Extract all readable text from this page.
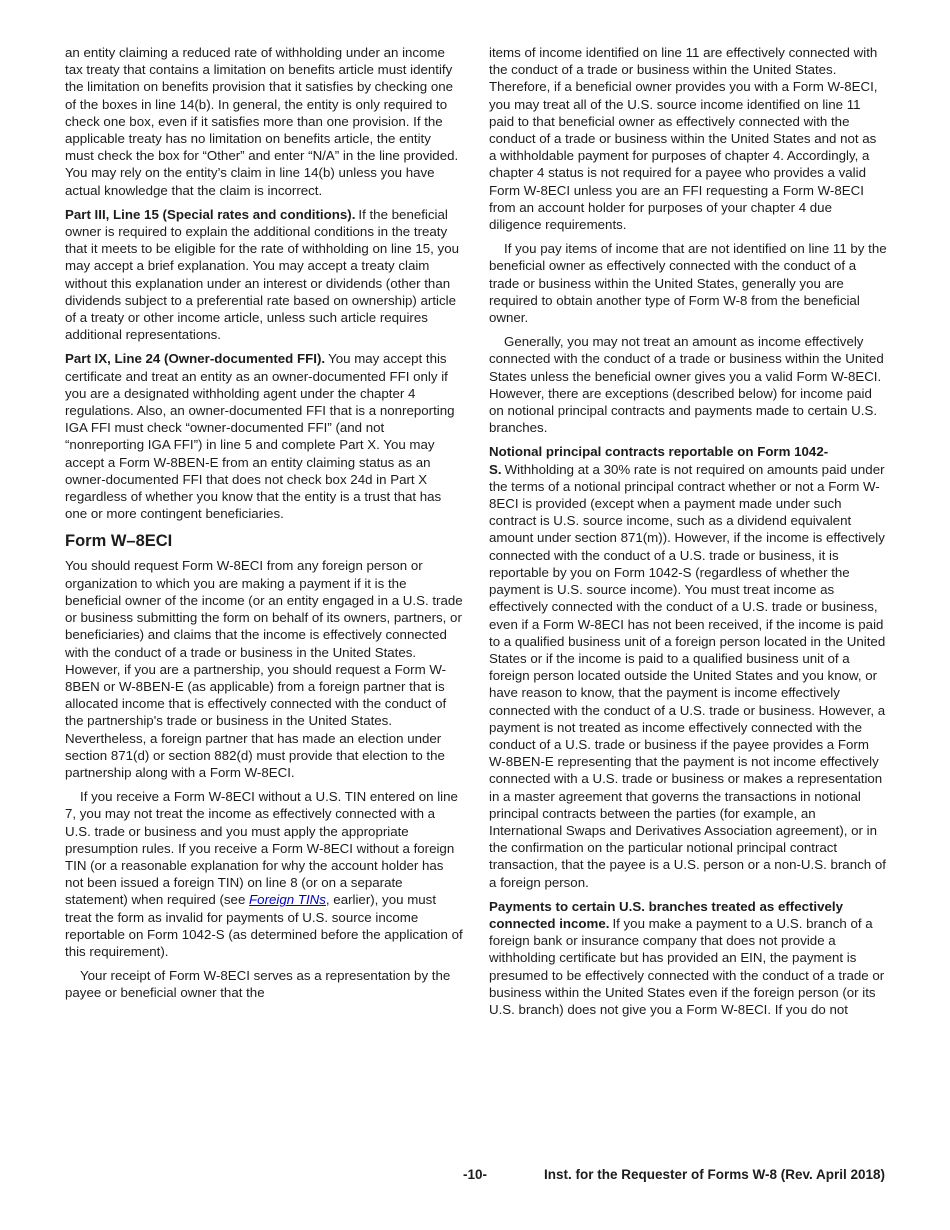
an entity claiming a reduced rate of withholding under an income tax treaty that contains a limitation on benefits article must identify the limitation on benefits provision that it satisfies by checking one of the boxes in line 14(b). In general, the entity is only required to check one box, even if it satisfies more than one provision. If the applicable treaty has no limitation on benefits article, the entity must check the box for “Other” and enter “N/A” in the line provided. You may rely on the entity’s claim in line 14(b) unless you have actual knowledge that the claim is incorrect.

Part III, Line 15 (Special rates and conditions). If the beneficial owner is required to explain the additional conditions in the treaty that it meets to be eligible for the rate of withholding on line 15, you may accept a brief explanation. You may accept a treaty claim without this explanation under an interest or dividends (other than dividends subject to a preferential rate based on ownership) article of a treaty or other income article, unless such article requires additional representations.

Part IX, Line 24 (Owner-documented FFI). You may accept this certificate and treat an entity as an owner-documented FFI only if you are a designated withholding agent under the chapter 4 regulations. Also, an owner-documented FFI that is a nonreporting IGA FFI must check “owner-documented FFI” (and not “nonreporting IGA FFI”) in line 5 and complete Part X. You may accept a Form W-8BEN-E from an entity claiming status as an owner-documented FFI that does not check box 24d in Part X regardless of whether you know that the entity is a trust that has one or more contingent beneficiaries.

Form W–8ECI

You should request Form W-8ECI from any foreign person or organization to which you are making a payment if it is the beneficial owner of the income (or an entity engaged in a U.S. trade or business submitting the form on behalf of its owners, partners, or beneficiaries) and claims that the income is effectively connected with the conduct of a trade or business in the United States. However, if you are a partnership, you should request a Form W-8BEN or W-8BEN-E (as applicable) from a foreign partner that is allocated income that is effectively connected with the conduct of the partnership's trade or business in the United States. Nevertheless, a foreign partner that has made an election under section 871(d) or section 882(d) must provide that election to the partnership along with a Form W-8ECI.

If you receive a Form W-8ECI without a U.S. TIN entered on line 7, you may not treat the income as effectively connected with a U.S. trade or business and you must apply the appropriate presumption rules. If you receive a Form W-8ECI without a foreign TIN (or a reasonable explanation for why the account holder has not been issued a foreign TIN) on line 8 (or on a separate statement) when required (see Foreign TINs, earlier), you must treat the form as invalid for payments of U.S. source income reportable on Form 1042-S (as determined before the application of this requirement).

Your receipt of Form W-8ECI serves as a representation by the payee or beneficial owner that the

items of income identified on line 11 are effectively connected with the conduct of a trade or business within the United States. Therefore, if a beneficial owner provides you with a Form W-8ECI, you may treat all of the U.S. source income identified on line 11 paid to that beneficial owner as effectively connected with the conduct of a trade or business within the United States and not as a withholdable payment for purposes of chapter 4. Accordingly, a chapter 4 status is not required for a payee who provides a valid Form W-8ECI unless you are an FFI requesting a Form W-8ECI from an account holder for purposes of your chapter 4 due diligence requirements.

If you pay items of income that are not identified on line 11 by the beneficial owner as effectively connected with the conduct of a trade or business within the United States, generally you are required to obtain another type of Form W-8 from the beneficial owner.

Generally, you may not treat an amount as income effectively connected with the conduct of a trade or business within the United States unless the beneficial owner gives you a valid Form W-8ECI. However, there are exceptions (described below) for income paid on notional principal contracts and payments made to certain U.S. branches.

Notional principal contracts reportable on Form 1042-S. Withholding at a 30% rate is not required on amounts paid under the terms of a notional principal contract whether or not a Form W-8ECI is provided (except when a payment made under such contract is U.S. source income, such as a dividend equivalent amount under section 871(m)). However, if the income is effectively connected with the conduct of a U.S. trade or business, it is reportable by you on Form 1042-S (regardless of whether the payment is U.S. source income). You must treat income as effectively connected with the conduct of a U.S. trade or business, even if a Form W-8ECI has not been received, if the income is paid to a qualified business unit of a foreign person located in the United States or if the income is paid to a qualified business unit of a foreign person located outside the United States and you know, or have reason to know, that the payment is income effectively connected with the conduct of a U.S. trade or business. However, a payment is not treated as income effectively connected with the conduct of a U.S. trade or business if the payee provides a Form W-8BEN-E representing that the payment is not income effectively connected with a U.S. trade or business or makes a representation in a master agreement that governs the transactions in notional principal contracts between the parties (for example, an International Swaps and Derivatives Association agreement), or in the confirmation on the particular notional principal contract transaction, that the payee is a U.S. person or a non-U.S. branch of a foreign person.

Payments to certain U.S. branches treated as effectively connected income. If you make a payment to a U.S. branch of a foreign bank or insurance company that does not provide a withholding certificate but has provided an EIN, the payment is presumed to be effectively connected with the conduct of a trade or business within the United States even if the foreign person (or its U.S. branch) does not give you a Form W-8ECI. If you do not

-10-	Inst. for the Requester of Forms W-8 (Rev. April 2018)
